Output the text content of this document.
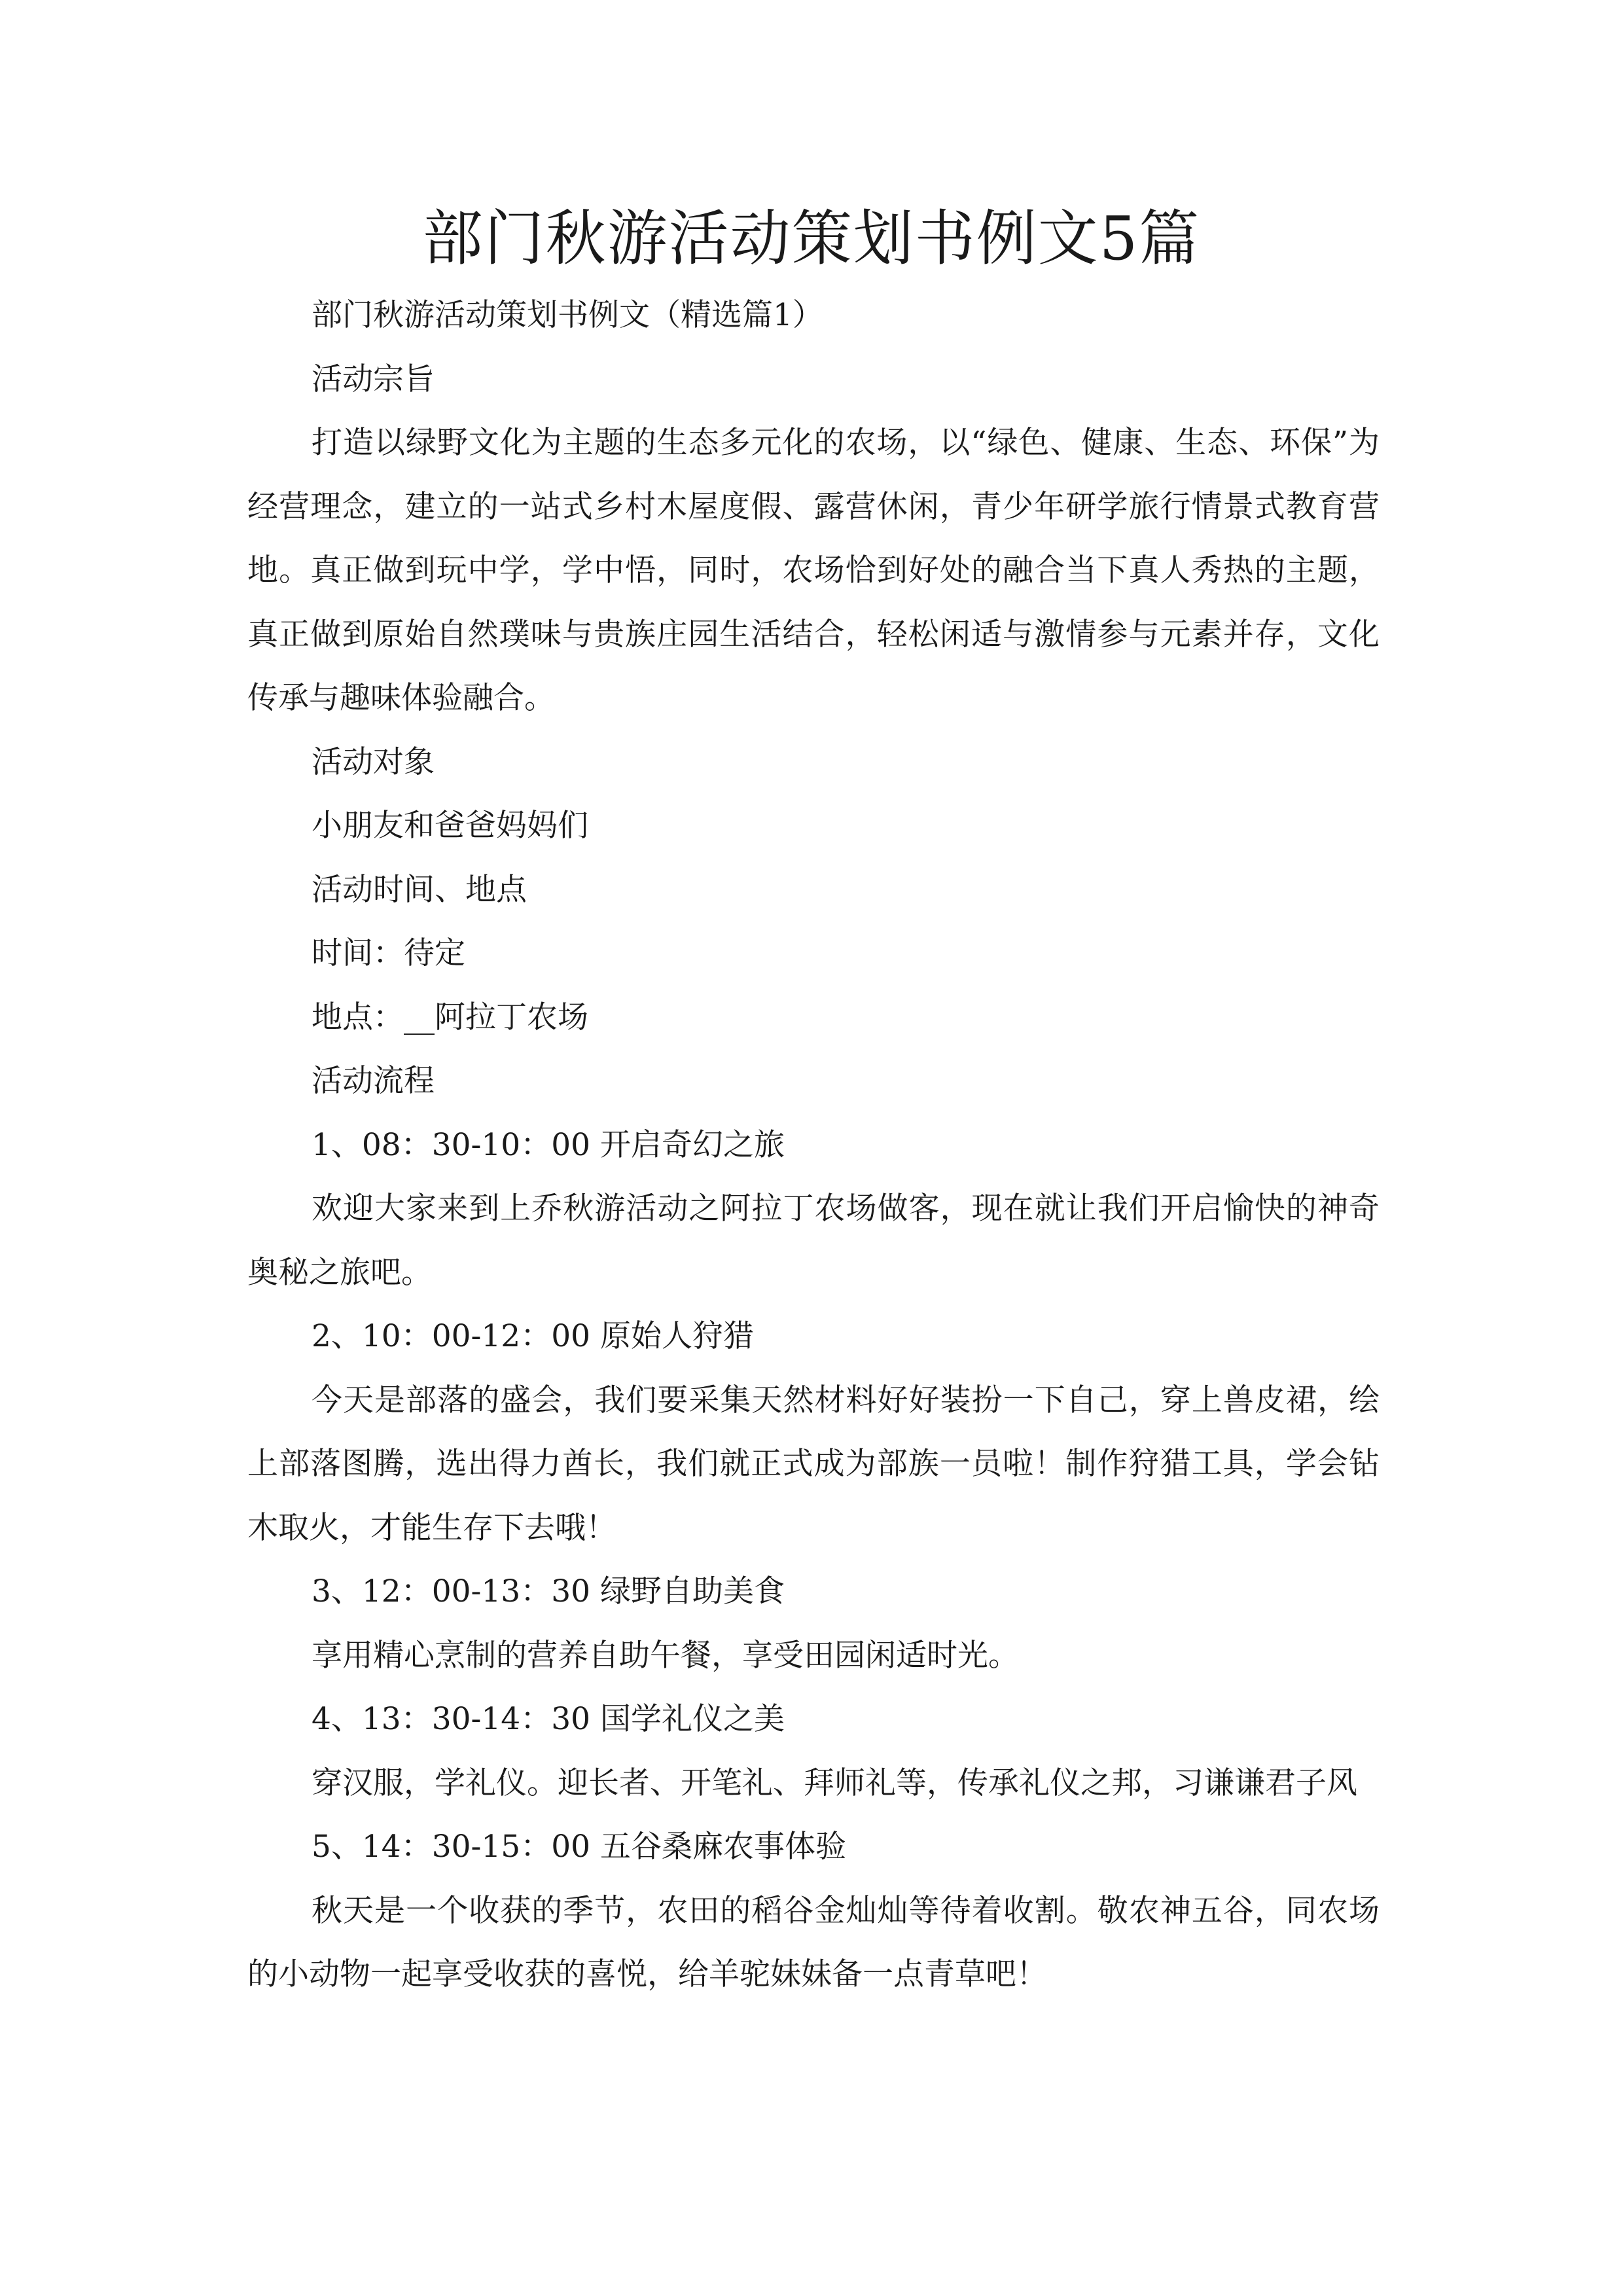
部门秋游活动策划书例文5篇

部门秋游活动策划书例文（精选篇1）

活动宗旨

打造以绿野文化为主题的生态多元化的农场，以“绿色、健康、生态、环保”为经营理念，建立的一站式乡村木屋度假、露营休闲，青少年研学旅行情景式教育营地。真正做到玩中学，学中悟，同时，农场恰到好处的融合当下真人秀热的主题，真正做到原始自然璞味与贵族庄园生活结合，轻松闲适与激情参与元素并存，文化传承与趣味体验融合。

活动对象

小朋友和爸爸妈妈们

活动时间、地点

时间：待定

地点：__阿拉丁农场

活动流程

1、08：30-10：00 开启奇幻之旅

欢迎大家来到上乔秋游活动之阿拉丁农场做客，现在就让我们开启愉快的神奇奥秘之旅吧。

2、10：00-12：00 原始人狩猎

今天是部落的盛会，我们要采集天然材料好好装扮一下自己，穿上兽皮裙，绘上部落图腾，选出得力酋长，我们就正式成为部族一员啦！制作狩猎工具，学会钻木取火，才能生存下去哦！

3、12：00-13：30 绿野自助美食

享用精心烹制的营养自助午餐，享受田园闲适时光。

4、13：30-14：30 国学礼仪之美

穿汉服，学礼仪。迎长者、开笔礼、拜师礼等，传承礼仪之邦，习谦谦君子风

5、14：30-15：00 五谷桑麻农事体验

秋天是一个收获的季节，农田的稻谷金灿灿等待着收割。敬农神五谷，同农场的小动物一起享受收获的喜悦，给羊驼妹妹备一点青草吧！
